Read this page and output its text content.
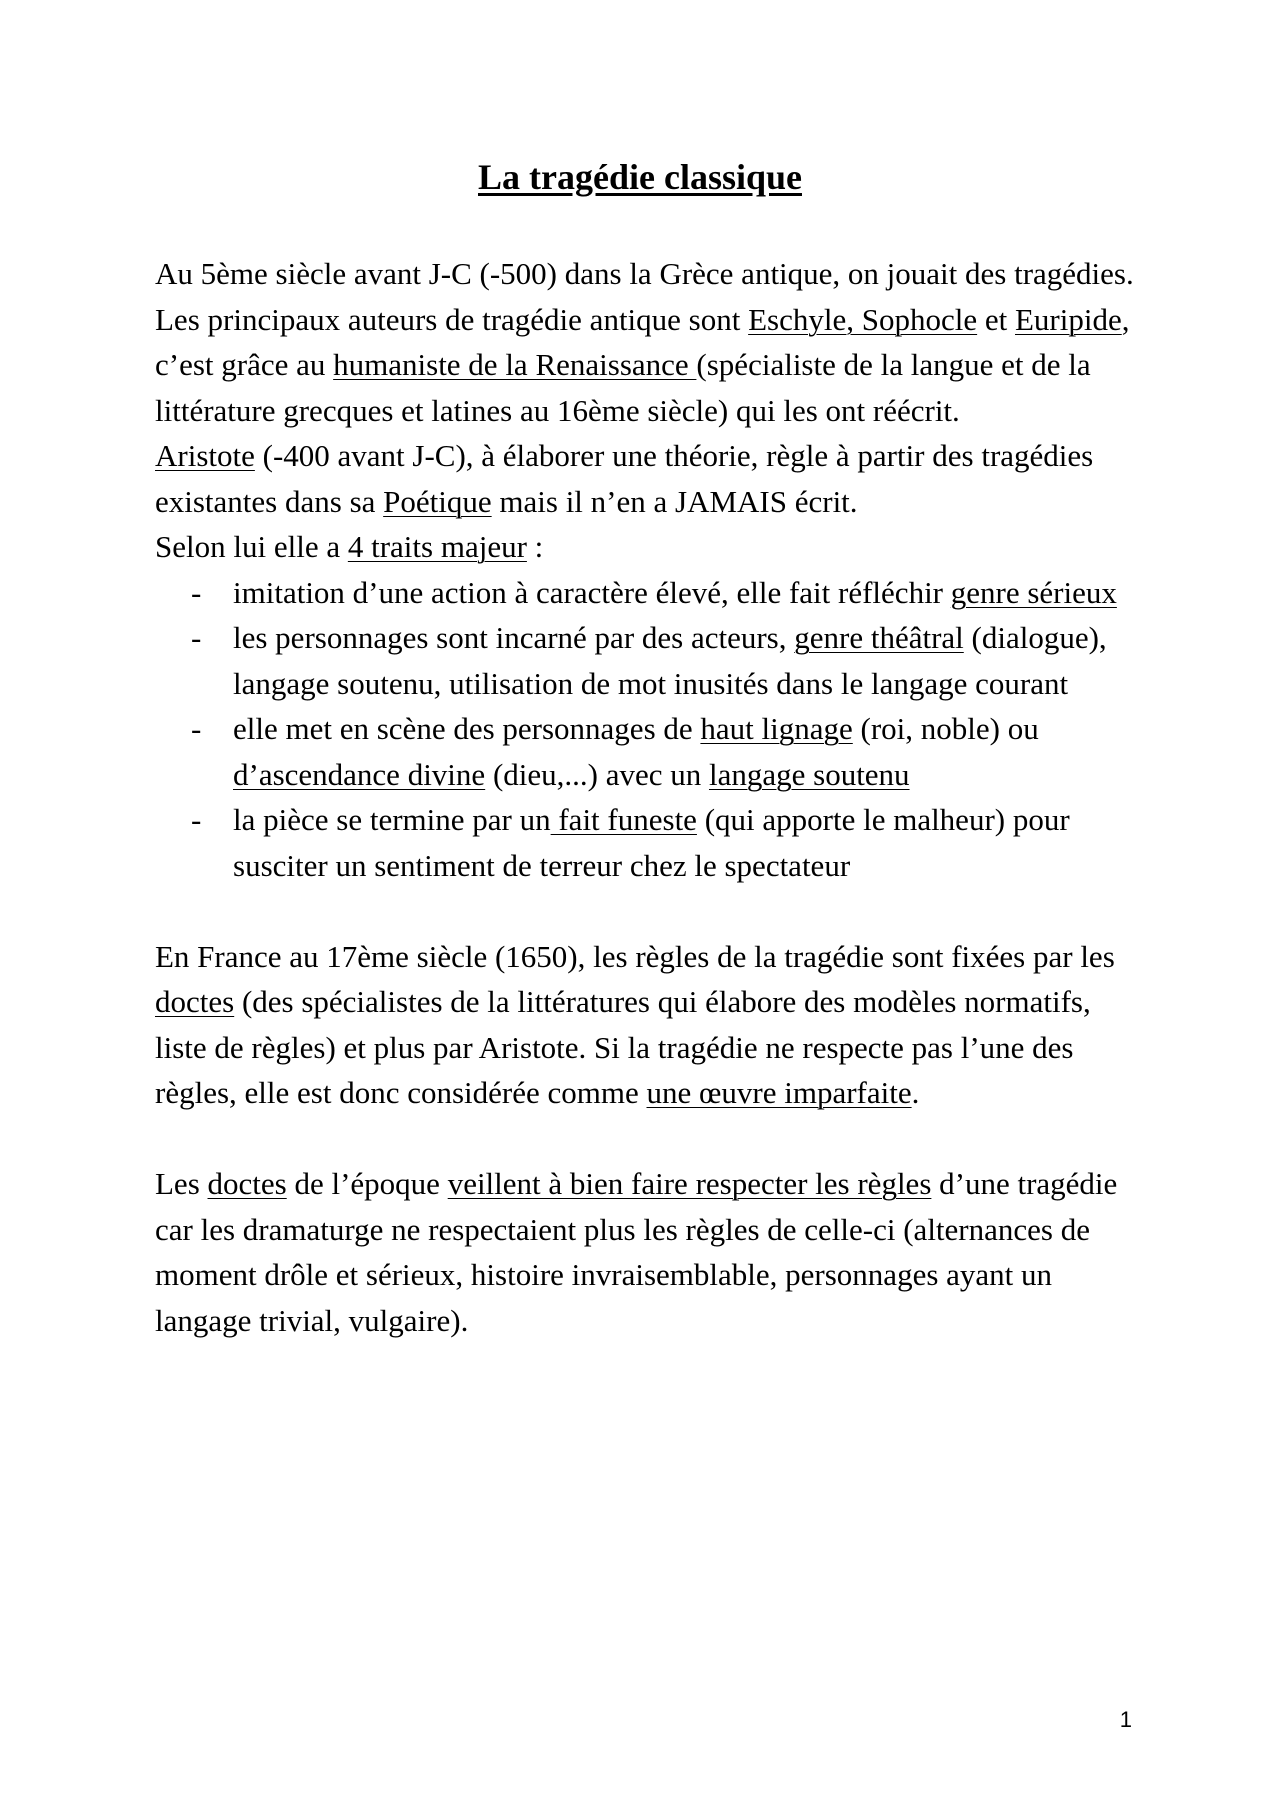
La tragédie classique

Au 5ème siècle avant J-C (-500) dans la Grèce antique, on jouait des tragédies.

Les principaux auteurs de tragédie antique sont Eschyle, Sophocle et Euripide, c’est grâce au humaniste de la Renaissance (spécialiste de la langue et de la littérature grecques et latines au 16ème siècle) qui les ont réécrit.

Aristote (-400 avant J-C), à élaborer une théorie, règle à partir des tragédies existantes dans sa Poétique mais il n’en a JAMAIS écrit.

Selon lui elle a 4 traits majeur :

- imitation d’une action à caractère élevé, elle fait réfléchir genre sérieux
- les personnages sont incarné par des acteurs, genre théâtral (dialogue), langage soutenu, utilisation de mot inusités dans le langage courant
- elle met en scène des personnages de haut lignage (roi, noble) ou d’ascendance divine (dieu,...) avec un langage soutenu
- la pièce se termine par un fait funeste (qui apporte le malheur) pour susciter un sentiment de terreur chez le spectateur

En France au 17ème siècle (1650), les règles de la tragédie sont fixées par les doctes (des spécialistes de la littératures qui élabore des modèles normatifs, liste de règles) et plus par Aristote. Si la tragédie ne respecte pas l’une des règles, elle est donc considérée comme une œuvre imparfaite.

Les doctes de l’époque veillent à bien faire respecter les règles d’une tragédie car les dramaturge ne respectaient plus les règles de celle-ci (alternances de moment drôle et sérieux, histoire invraisemblable, personnages ayant un langage trivial, vulgaire).

1
